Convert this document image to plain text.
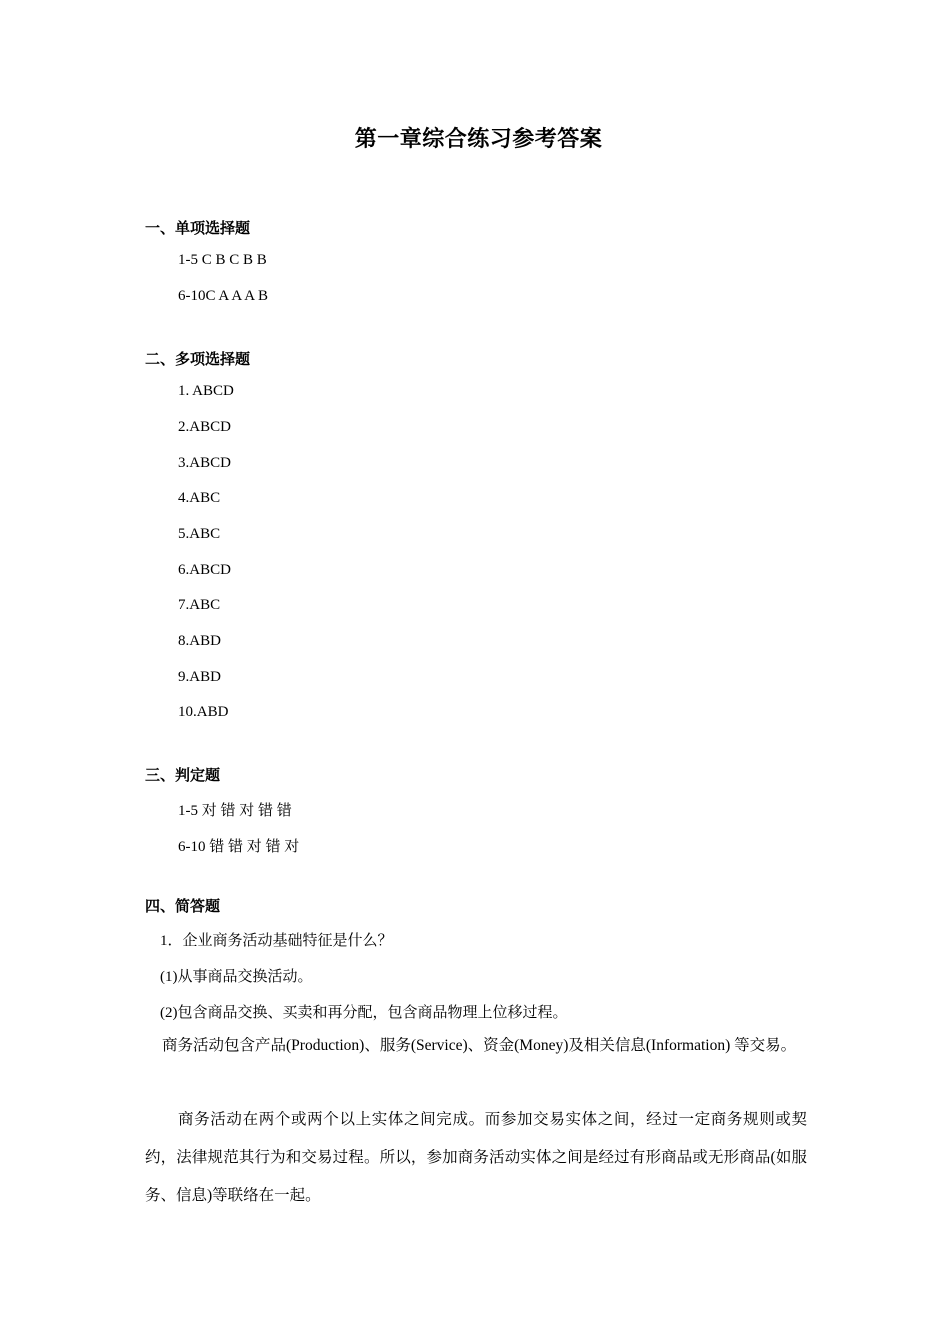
第一章综合练习参考答案
一、单项选择题
1-5 C B C B B
6-10C A A A B
二、多项选择题
1. ABCD
2.ABCD
3.ABCD
4.ABC
5.ABC
6.ABCD
7.ABC
8.ABD
9.ABD
10.ABD
三、判定题
1-5 对 错 对 错 错
6-10 错 错 对 错 对
四、简答题
1．企业商务活动基础特征是什么？
(1)从事商品交换活动。
(2)包含商品交换、买卖和再分配，包含商品物理上位移过程。
商务活动包含产品(Production)、服务(Service)、资金(Money)及相关信息(Information) 等交易。
商务活动在两个或两个以上实体之间完成。而参加交易实体之间，经过一定商务规则或契约，法律规范其行为和交易过程。所以，参加商务活动实体之间是经过有形商品或无形商品(如服务、信息)等联络在一起。
